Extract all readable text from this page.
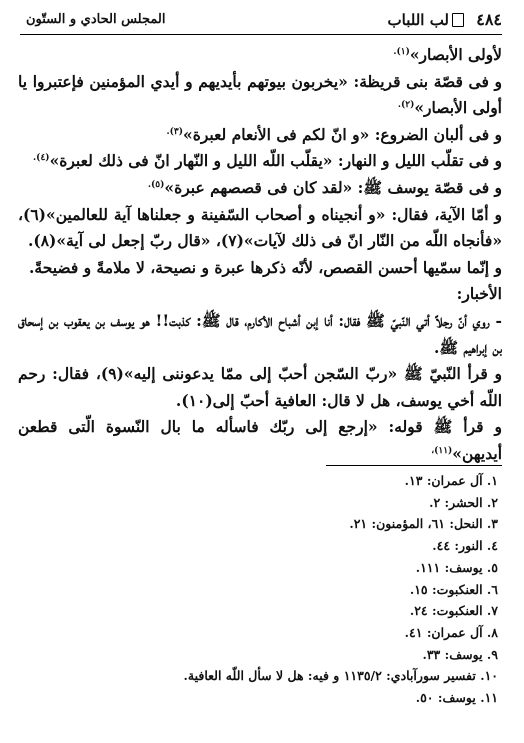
٤٨٤
لب اللباب
المجلس الحادي و الستّون

لأولى الأبصار»$^{(١).}$

و فى قصّة بنى قريظة: «يخربون بيوتهم بأيديهم و أيدي المؤمنين فإعتبروا يا أولى الأبصار»$^{(٢).}$

و فى ألبان الضروع: «و انّ لكم فى الأنعام لعبرة»$^{(٣).}$

و فى تقلّب الليل و النهار: «يقلّب اللّه الليل و النّهار انّ فى ذلك لعبرة»$^{(٤).}$

و فى قصّة يوسف ﷺ: «لقد كان فى قصصهم عبرة»$^{(٥).}$

و أمّا الآية، فقال: «و أنجيناه و أصحاب السّفينة و جعلناها آية للعالمين»(٦)، «فأنجاه اللّه من النّار انّ فى ذلك لآيات»(٧)، «قال ربّ إجعل لى آية»(٨).

و إنّما سمّيها أحسن القصص، لأنّه ذكرها عبرة و نصيحة، لا ملامةً و فضيحةً.

الأخبار:

- روي أنّ رجلاً أتي النّبيّ ﷺ فقال: أنا إبن أشباح الأكارم، قال ﷺ: كذبت!! هو يوسف بن يعقوب بن إسحاق بن إبراهيم ﷺ.

و قرأ النّبيّ ﷺ «ربّ السّجن أحبّ إلى ممّا يدعوننى إليه»(٩)، فقال: رحم اللّه أخي يوسف، هل لا قال: العافية أحبّ إلى(١٠).

و قرأ ﷺ قوله: «إرجع إلى ربّك فاسأله ما بال النّسوة الّتى قطعن أيديهن»$^{(١١)،}$

١. آل عمران: ١٣.
٢. الحشر: ٢.
٣. النحل: ٦١، المؤمنون: ٢١.
٤. النور: ٤٤.
٥. يوسف: ١١١.
٦. العنكبوت: ١٥.
٧. العنكبوت: ٢٤.
٨. آل عمران: ٤١.
٩. يوسف: ٣٣.
١٠. تفسير سورآبادي: ١١٣٥/٢ و فيه: هل لا سأل اللّه العافية.
١١. يوسف: ٥٠.
